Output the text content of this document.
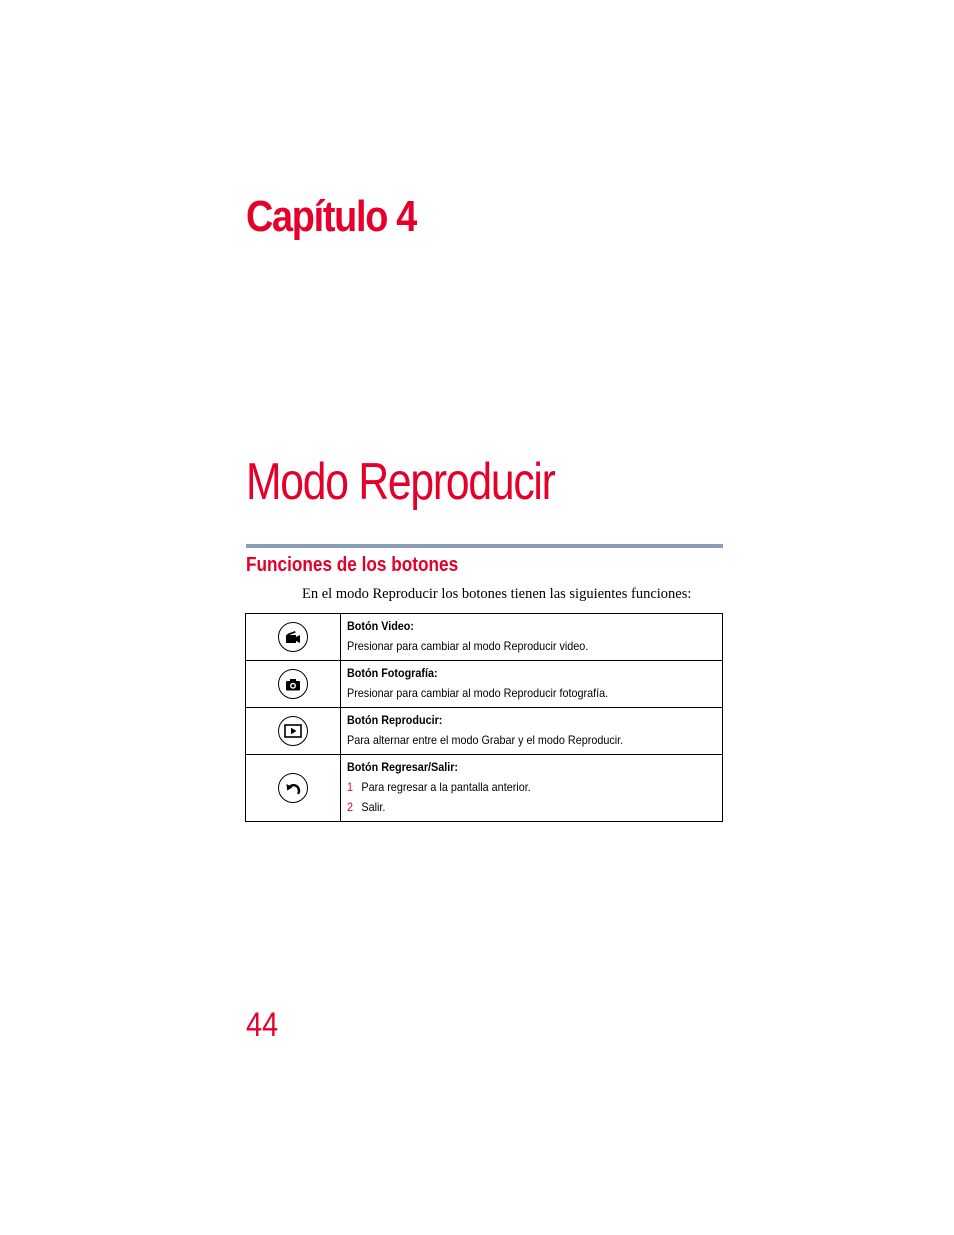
Capítulo 4
Modo Reproducir
Funciones de los botones
En el modo Reproducir los botones tienen las siguientes funciones:

Botón Video:
Presionar para cambiar al modo Reproducir video.

Botón Fotografía:
Presionar para cambiar al modo Reproducir fotografía.

Botón Reproducir:
Para alternar entre el modo Grabar y el modo Reproducir.

Botón Regresar/Salir:
1 Para regresar a la pantalla anterior.
2 Salir.
44
